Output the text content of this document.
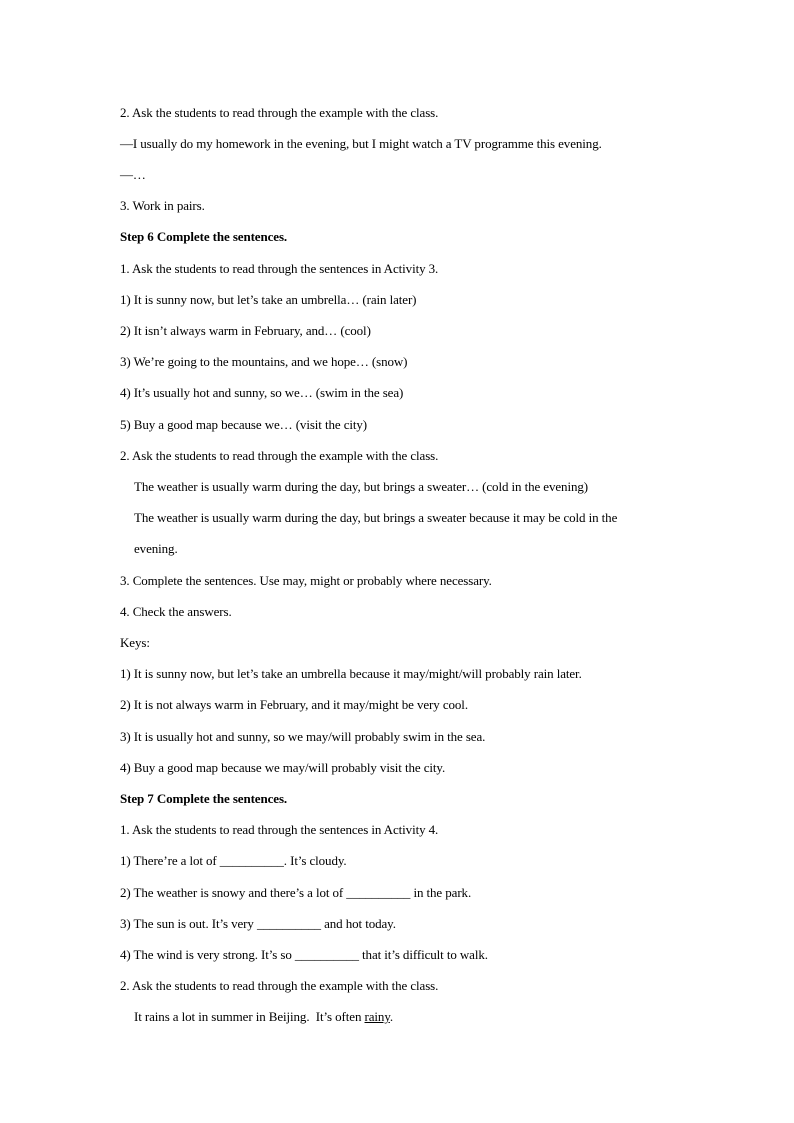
2. Ask the students to read through the example with the class.
—I usually do my homework in the evening, but I might watch a TV programme this evening.
—…
3. Work in pairs.
Step 6 Complete the sentences.
1. Ask the students to read through the sentences in Activity 3.
1) It is sunny now, but let’s take an umbrella… (rain later)
2) It isn’t always warm in February, and… (cool)
3) We’re going to the mountains, and we hope… (snow)
4) It’s usually hot and sunny, so we… (swim in the sea)
5) Buy a good map because we… (visit the city)
2. Ask the students to read through the example with the class.
The weather is usually warm during the day, but brings a sweater… (cold in the evening)
The weather is usually warm during the day, but brings a sweater because it may be cold in the
evening.
3. Complete the sentences. Use may, might or probably where necessary.
4. Check the answers.
Keys:
1) It is sunny now, but let’s take an umbrella because it may/might/will probably rain later.
2) It is not always warm in February, and it may/might be very cool.
3) It is usually hot and sunny, so we may/will probably swim in the sea.
4) Buy a good map because we may/will probably visit the city.
Step 7 Complete the sentences.
1. Ask the students to read through the sentences in Activity 4.
1) There’re a lot of __________. It’s cloudy.
2) The weather is snowy and there’s a lot of __________ in the park.
3) The sun is out. It’s very __________ and hot today.
4) The wind is very strong. It’s so __________ that it’s difficult to walk.
2. Ask the students to read through the example with the class.
It rains a lot in summer in Beijing.  It’s often rainy.
